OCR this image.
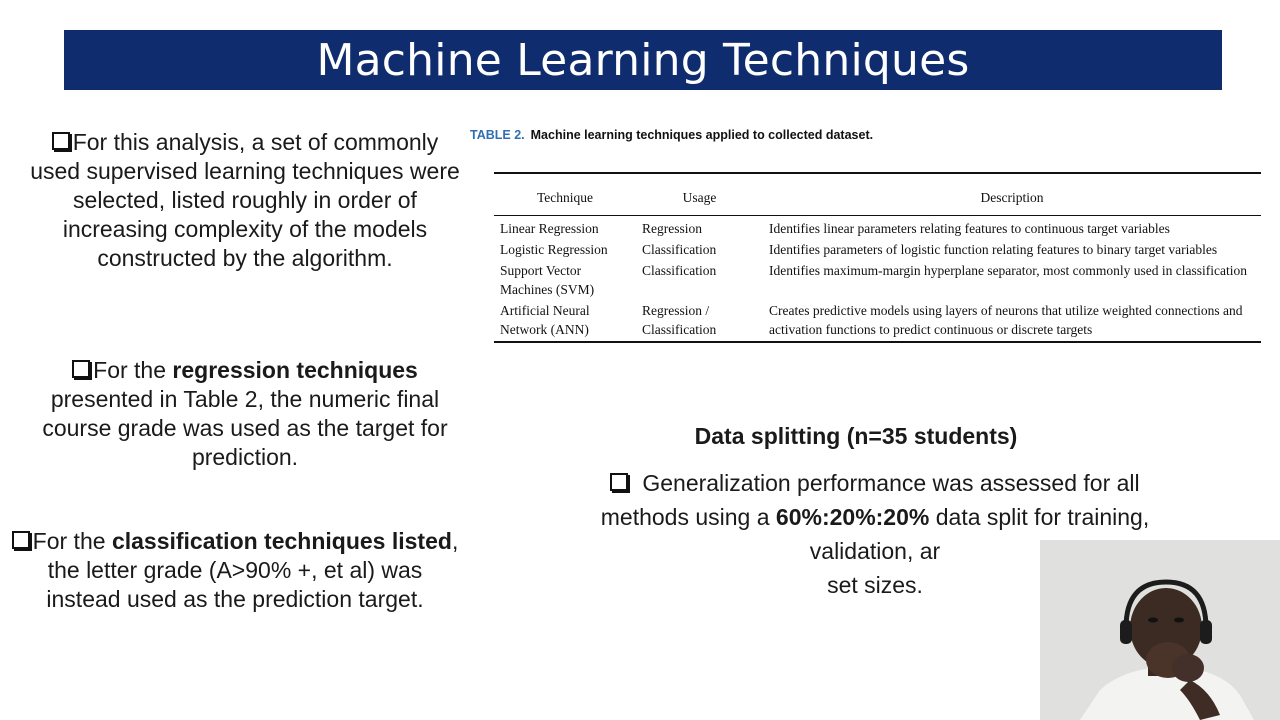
Machine Learning Techniques
For this analysis, a set of commonly used supervised learning techniques were selected, listed roughly in order of increasing complexity of the models constructed by the algorithm.
For the regression techniques presented in Table 2, the numeric final course grade was used as the target for prediction.
For the classification techniques listed, the letter grade (A>90% +, et al) was instead used as the prediction target.
TABLE 2. Machine learning techniques applied to collected dataset.
Technique	Usage	Description
Linear Regression	Regression	Identifies linear parameters relating features to continuous target variables
Logistic Regression	Classification	Identifies parameters of logistic function relating features to binary target variables
Support Vector Machines (SVM)	Classification	Identifies maximum-margin hyperplane separator, most commonly used in classification
Artificial Neural Network (ANN)	Regression / Classification	Creates predictive models using layers of neurons that utilize weighted connections and activation functions to predict continuous or discrete targets
Data splitting (n=35 students)
Generalization performance was assessed for all methods using a 60%:20%:20% data split for training, validation, ar
set sizes.
